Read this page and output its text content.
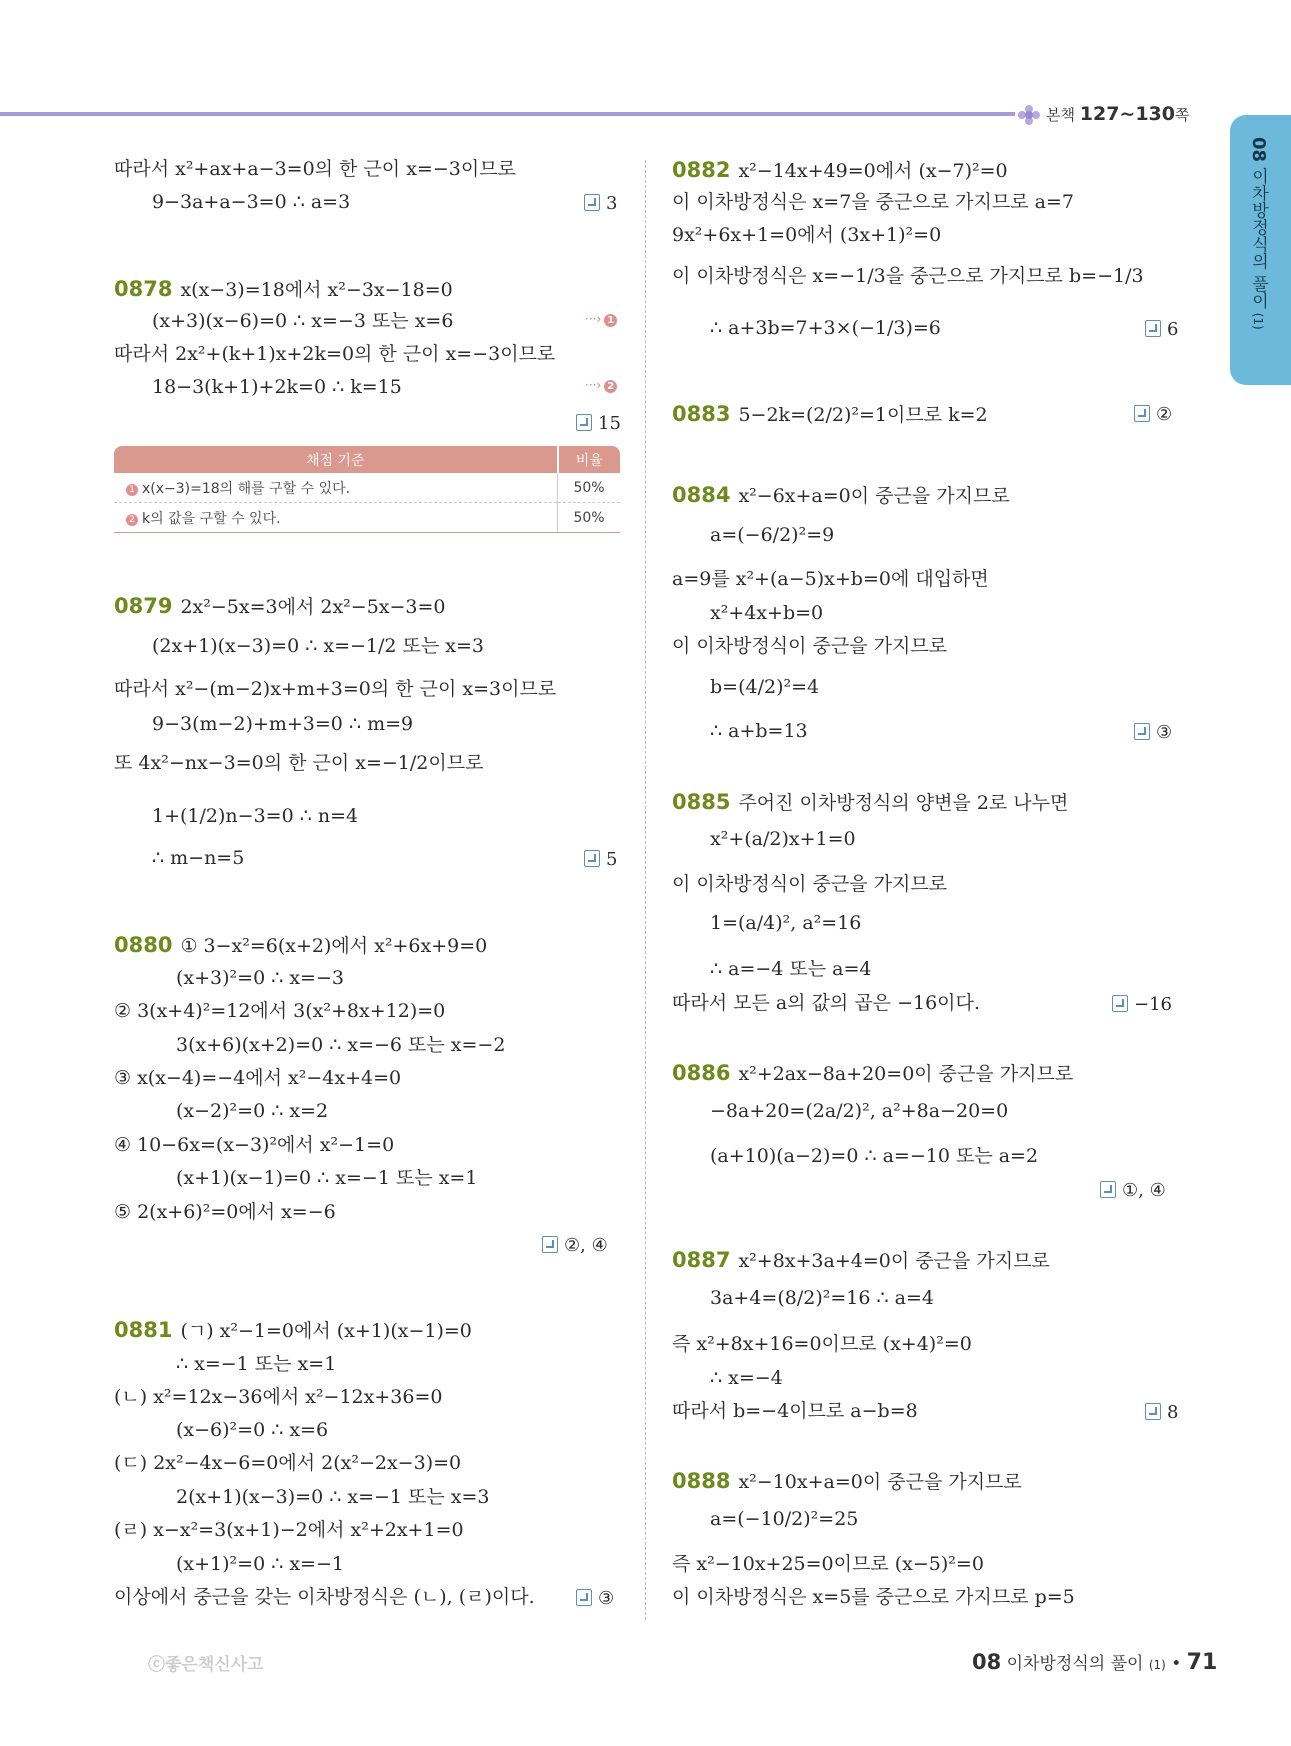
본책 127~130쪽
08 이차방정식의 풀이 (1)
따라서 x²+ax+a−3=0의 한 근이 x=−3이므로
9−3a+a−3=0 ∴ a=3
0878 x(x−3)=18에서 x²−3x−18=0
(x+3)(x−6)=0 ∴ x=−3 또는 x=6
따라서 2x²+(k+1)x+2k=0의 한 근이 x=−3이므로
18−3(k+1)+2k=0 ∴ k=15
0879 2x²−5x=3에서 2x²−5x−3=0
(2x+1)(x−3)=0 ∴ x=−1/2 또는 x=3
따라서 x²−(m−2)x+m+3=0의 한 근이 x=3이므로
9−3(m−2)+m+3=0 ∴ m=9
또 4x²−nx−3=0의 한 근이 x=−1/2이므로
1+(1/2)n−3=0 ∴ n=4
∴ m−n=5
0880 ① 3−x²=6(x+2)에서 x²+6x+9=0
(x+3)²=0 ∴ x=−3
② 3(x+4)²=12에서 3(x²+8x+12)=0
3(x+6)(x+2)=0 ∴ x=−6 또는 x=−2
③ x(x−4)=−4에서 x²−4x+4=0
(x−2)²=0 ∴ x=2
④ 10−6x=(x−3)²에서 x²−1=0
(x+1)(x−1)=0 ∴ x=−1 또는 x=1
⑤ 2(x+6)²=0에서 x=−6
0881 (ㄱ) x²−1=0에서 (x+1)(x−1)=0
∴ x=−1 또는 x=1
(ㄴ) x²=12x−36에서 x²−12x+36=0
(x−6)²=0 ∴ x=6
(ㄷ) 2x²−4x−6=0에서 2(x²−2x−3)=0
2(x+1)(x−3)=0 ∴ x=−1 또는 x=3
(ㄹ) x−x²=3(x+1)−2에서 x²+2x+1=0
(x+1)²=0 ∴ x=−1
이상에서 중근을 갖는 이차방정식은 (ㄴ), (ㄹ)이다.
0882 x²−14x+49=0에서 (x−7)²=0
이 이차방정식은 x=7을 중근으로 가지므로 a=7
9x²+6x+1=0에서 (3x+1)²=0
이 이차방정식은 x=−1/3을 중근으로 가지므로 b=−1/3
∴ a+3b=7+3×(−1/3)=6
0883 5−2k=(2/2)²=1이므로 k=2
0884 x²−6x+a=0이 중근을 가지므로
a=(−6/2)²=9
a=9를 x²+(a−5)x+b=0에 대입하면
x²+4x+b=0
이 이차방정식이 중근을 가지므로
b=(4/2)²=4
∴ a+b=13
0885 주어진 이차방정식의 양변을 2로 나누면
x²+(a/2)x+1=0
이 이차방정식이 중근을 가지므로
1=(a/4)², a²=16
∴ a=−4 또는 a=4
따라서 모든 a의 값의 곱은 −16이다.
0886 x²+2ax−8a+20=0이 중근을 가지므로
−8a+20=(2a/2)², a²+8a−20=0
(a+10)(a−2)=0 ∴ a=−10 또는 a=2
0887 x²+8x+3a+4=0이 중근을 가지므로
3a+4=(8/2)²=16 ∴ a=4
즉 x²+8x+16=0이므로 (x+4)²=0
∴ x=−4
따라서 b=−4이므로 a−b=8
0888 x²−10x+a=0이 중근을 가지므로
a=(−10/2)²=25
즉 x²−10x+25=0이므로 (x−5)²=0
이 이차방정식은 x=5를 중근으로 가지므로 p=5
3
15
5
②, ④
③
6
②
③
−16
①, ④
8
···› 1
···› 2
채점 기준	비율
1 x(x−3)=18의 해를 구할 수 있다.	50%
2 k의 값을 구할 수 있다.	50%
ⓒ좋은책신사고	08 이차방정식의 풀이 (1) • 71
